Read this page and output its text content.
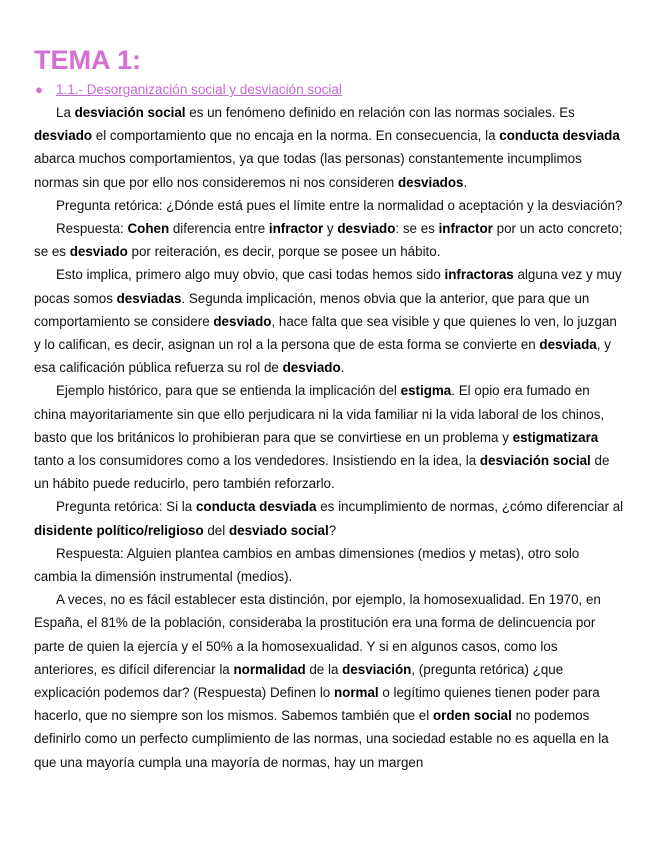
TEMA 1:
● 1.1.- Desorganización social y desviación social

La desviación social es un fenómeno definido en relación con las normas sociales. Es desviado el comportamiento que no encaja en la norma. En consecuencia, la conducta desviada abarca muchos comportamientos, ya que todas (las personas) constantemente incumplimos normas sin que por ello nos consideremos ni nos consideren desviados.

Pregunta retórica: ¿Dónde está pues el límite entre la normalidad o aceptación y la desviación?

Respuesta: Cohen diferencia entre infractor y desviado: se es infractor por un acto concreto; se es desviado por reiteración, es decir, porque se posee un hábito.

Esto implica, primero algo muy obvio, que casi todas hemos sido infractoras alguna vez y muy pocas somos desviadas. Segunda implicación, menos obvia que la anterior, que para que un comportamiento se considere desviado, hace falta que sea visible y que quienes lo ven, lo juzgan y lo califican, es decir, asignan un rol a la persona que de esta forma se convierte en desviada, y esa calificación pública refuerza su rol de desviado.

Ejemplo histórico, para que se entienda la implicación del estigma. El opio era fumado en china mayoritariamente sin que ello perjudicara ni la vida familiar ni la vida laboral de los chinos, basto que los británicos lo prohibieran para que se convirtiese en un problema y estigmatizara tanto a los consumidores como a los vendedores. Insistiendo en la idea, la desviación social de un hábito puede reducirlo, pero también reforzarlo.

Pregunta retórica: Si la conducta desviada es incumplimiento de normas, ¿cómo diferenciar al disidente político/religioso del desviado social?

Respuesta: Alguien plantea cambios en ambas dimensiones (medios y metas), otro solo cambia la dimensión instrumental (medios).

A veces, no es fácil establecer esta distinción, por ejemplo, la homosexualidad. En 1970, en España, el 81% de la población, consideraba la prostitución era una forma de delincuencia por parte de quien la ejercía y el 50% a la homosexualidad. Y si en algunos casos, como los anteriores, es difícil diferenciar la normalidad de la desviación, (pregunta retórica) ¿que explicación podemos dar? (Respuesta) Definen lo normal o legítimo quienes tienen poder para hacerlo, que no siempre son los mismos. Sabemos también que el orden social no podemos definirlo como un perfecto cumplimiento de las normas, una sociedad estable no es aquella en la que una mayoría cumpla una mayoría de normas, hay un margen
